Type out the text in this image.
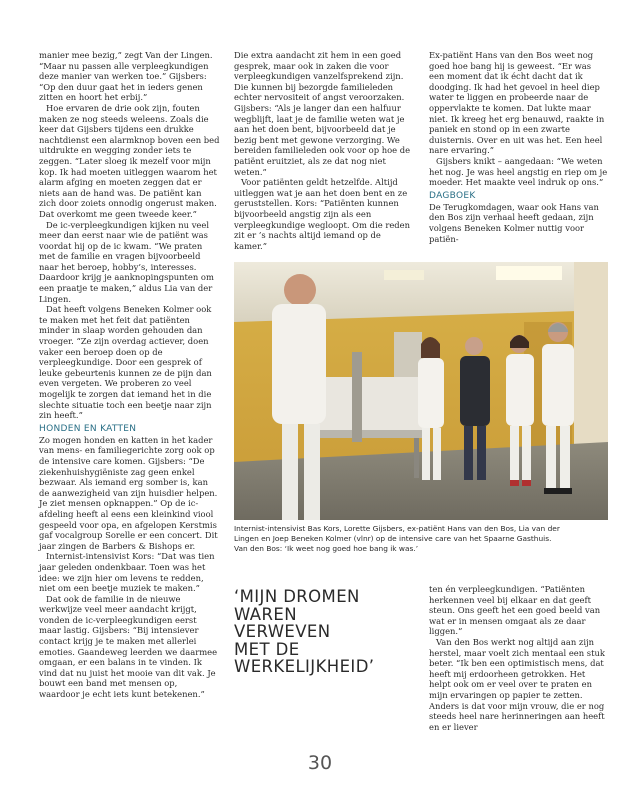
manier mee bezig,” zegt Van der Lingen. “Maar nu passen alle verpleegkundigen deze manier van werken toe.” Gijsbers: “Op den duur gaat het in ieders genen zitten en hoort het erbij.”

Hoe ervaren de drie ook zijn, fouten maken ze nog steeds weleens. Zoals die keer dat Gijsbers tijdens een drukke nachtdienst een alarmknop boven een bed uitdrukte en wegging zonder iets te zeggen. “Later sloeg ik mezelf voor mijn kop. Ik had moeten uitleggen waarom het alarm afging en moeten zeggen dat er niets aan de hand was. De patiënt kan zich door zoiets onnodig ongerust maken. Dat overkomt me geen tweede keer.”

De ic-verpleegkundigen kijken nu veel meer dan eerst naar wie de patiënt was voordat hij op de ic kwam. “We praten met de familie en vragen bijvoorbeeld naar het beroep, hobby’s, interesses. Daardoor krijg je aanknopingspunten om een praatje te maken,” aldus Lia van der Lingen.

Dat heeft volgens Beneken Kolmer ook te maken met het feit dat patiënten minder in slaap worden gehouden dan vroeger. “Ze zijn overdag actiever, doen vaker een beroep doen op de verpleegkundige. Door een gesprek of leuke gebeurtenis kunnen ze de pijn dan even vergeten. We proberen zo veel mogelijk te zorgen dat iemand het in die slechte situatie toch een beetje naar zijn zin heeft.”

HONDEN EN KATTEN

Zo mogen honden en katten in het kader van mens- en familiegerichte zorg ook op de intensive care komen. Gijsbers: “De ziekenhuishygiëniste zag geen enkel bezwaar. Als iemand erg somber is, kan de aanwezigheid van zijn huisdier helpen. Je ziet mensen opknappen.” Op de ic-afdeling heeft al eens een kleinkind viool gespeeld voor opa, en afgelopen Kerstmis gaf vocalgroup Sorelle er een concert. Dit jaar zingen de Barbers & Bishops er.

Internist-intensivist Kors: “Dat was tien jaar geleden ondenkbaar. Toen was het idee: we zijn hier om levens te redden, niet om een beetje muziek te maken.”

Dat ook de familie in de nieuwe werkwijze veel meer aandacht krijgt, vonden de ic-verpleegkundigen eerst maar lastig. Gijsbers: “Bij intensiever contact krijg je te maken met allerlei emoties. Gaandeweg leerden we daarmee omgaan, er een balans in te vinden. Ik vind dat nu juist het mooie van dit vak. Je bouwt een band met mensen op, waardoor je echt iets kunt betekenen.”

Die extra aandacht zit hem in een goed gesprek, maar ook in zaken die voor verpleegkundigen vanzelfsprekend zijn. Die kunnen bij bezorgde familieleden echter nervositeit of angst veroorzaken. Gijsbers: “Als je langer dan een halfuur wegblijft, laat je de familie weten wat je aan het doen bent, bijvoorbeeld dat je bezig bent met gewone verzorging. We bereiden familieleden ook voor op hoe de patiënt eruitziet, als ze dat nog niet weten.”

Voor patiënten geldt hetzelfde. Altijd uitleggen wat je aan het doen bent en ze geruststellen. Kors: “Patiënten kunnen bijvoorbeeld angstig zijn als een verpleegkundige wegloopt. Om die reden zit er ’s nachts altijd iemand op de kamer.”

Ex-patiënt Hans van den Bos weet nog goed hoe bang hij is geweest. “Er was een moment dat ik écht dacht dat ik doodging. Ik had het gevoel in heel diep water te liggen en probeerde naar de oppervlakte te komen. Dat lukte maar niet. Ik kreeg het erg benauwd, raakte in paniek en stond op in een zwarte duisternis. Over en uit was het. Een heel nare ervaring.”

Gijsbers knikt – aangedaan: “We weten het nog. Je was heel angstig en riep om je moeder. Het maakte veel indruk op ons.”

DAGBOEK

De Terugkomdagen, waar ook Hans van den Bos zijn verhaal heeft gedaan, zijn volgens Beneken Kolmer nuttig voor patiën-

Internist-intensivist Bas Kors, Lorette Gijsbers, ex-patiënt Hans van den Bos, Lia van der
Lingen en Joep Beneken Kolmer (vlnr) op de intensive care van het Spaarne Gasthuis.
Van den Bos: ‘Ik weet nog goed hoe bang ik was.’
‘MIJN DROMEN
WAREN
VERWEVEN
MET DE
WERKELIJKHEID’

ten én verpleegkundigen. “Patiënten herkennen veel bij elkaar en dat geeft steun. Ons geeft het een goed beeld van wat er in mensen omgaat als ze daar liggen.”

Van den Bos werkt nog altijd aan zijn herstel, maar voelt zich mentaal een stuk beter. “Ik ben een optimistisch mens, dat heeft mij erdoorheen getrokken. Het helpt ook om er veel over te praten en mijn ervaringen op papier te zetten. Anders is dat voor mijn vrouw, die er nog steeds heel nare herinneringen aan heeft en er liever

30
